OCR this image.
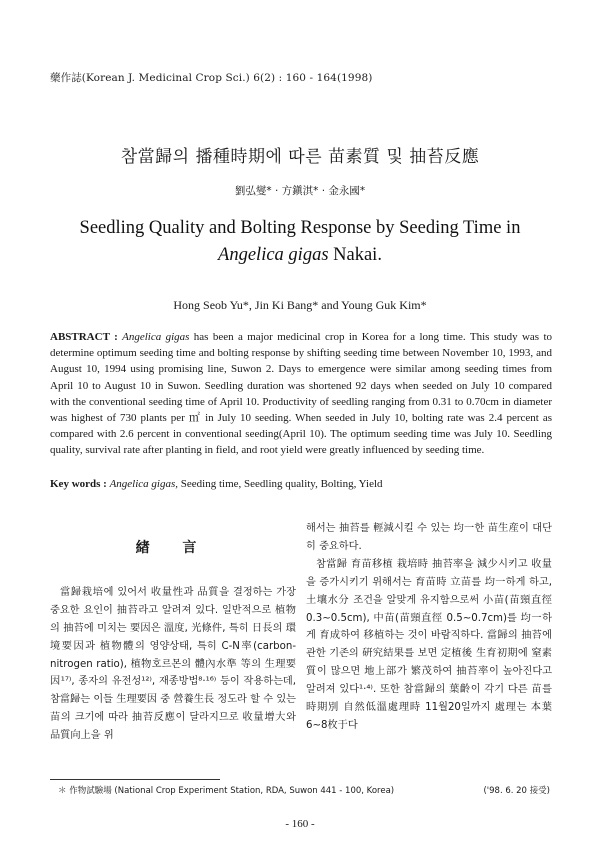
藥作誌(Korean J. Medicinal Crop Sci.) 6(2) : 160 - 164(1998)
참當歸의 播種時期에 따른 苗素質 및 抽苔反應
劉弘燮* · 方鎭淇* · 金永國*
Seedling Quality and Bolting Response by Seeding Time in Angelica gigas Nakai.
Hong Seob Yu*, Jin Ki Bang* and Young Guk Kim*
ABSTRACT : Angelica gigas has been a major medicinal crop in Korea for a long time. This study was to determine optimum seeding time and bolting response by shifting seeding time between November 10, 1993, and August 10, 1994 using promising line, Suwon 2. Days to emergence were similar among seeding times from April 10 to August 10 in Suwon. Seedling duration was shortened 92 days when seeded on July 10 compared with the conventional seeding time of April 10. Productivity of seedling ranging from 0.31 to 0.70cm in diameter was highest of 730 plants per ㎡ in July 10 seeding. When seeded in July 10, bolting rate was 2.4 percent as compared with 2.6 percent in conventional seeding(April 10). The optimum seeding time was July 10. Seedling quality, survival rate after planting in field, and root yield were greatly influenced by seeding time.
Key words : Angelica gigas, Seeding time, Seedling quality, Bolting, Yield
緖 言

當歸栽培에 있어서 收量性과 品質을 결정하는 가장 중요한 요인이 抽苔라고 알려져 있다. 일반적으로 植物의 抽苔에 미치는 要因은 溫度, 光條件, 특히 日長의 環境要因과 植物體의 영양상태, 특히 C-N率(carbon-nitrogen ratio), 植物호르몬의 體內水準 等의 生理要因¹⁷⁾, 종자의 유전성¹²⁾, 재종방법⁸·¹⁶⁾ 등이 작용하는데, 참當歸는 이들 生理要因 중 營養生長 정도라 할 수 있는 苗의 크기에 따라 抽苔反應이 달라지므로 收量增大와 品質向上을 위

해서는 抽苔를 輕減시킬 수 있는 均一한 苗生産이 대단히 중요하다.

참當歸 育苗移植 栽培時 抽苔率을 減少시키고 收量을 증가시키기 위해서는 育苗時 立苗를 均一하게 하고, 土壤水分 조건을 알맞게 유지함으로써 小苗(苗頸直徑 0.3∼0.5cm), 中苗(苗頸直徑 0.5∼0.7cm)를 均一하게 育成하여 移植하는 것이 바람직하다. 當歸의 抽苔에 관한 기존의 硏究結果를 보면 定植後 生育初期에 窒素質이 많으면 地上部가 繁茂하여 抽苔率이 높아진다고 알려져 있다¹·⁴⁾. 또한 참當歸의 葉齡이 각기 다른 苗를 時期別 自然低溫處理時 11월20일까지 處理는 本葉 6∼8枚于다

＊ 作物試驗場 (National Crop Experiment Station, RDA, Suwon 441 - 100, Korea)	('98. 6. 20 接受)
- 160 -
